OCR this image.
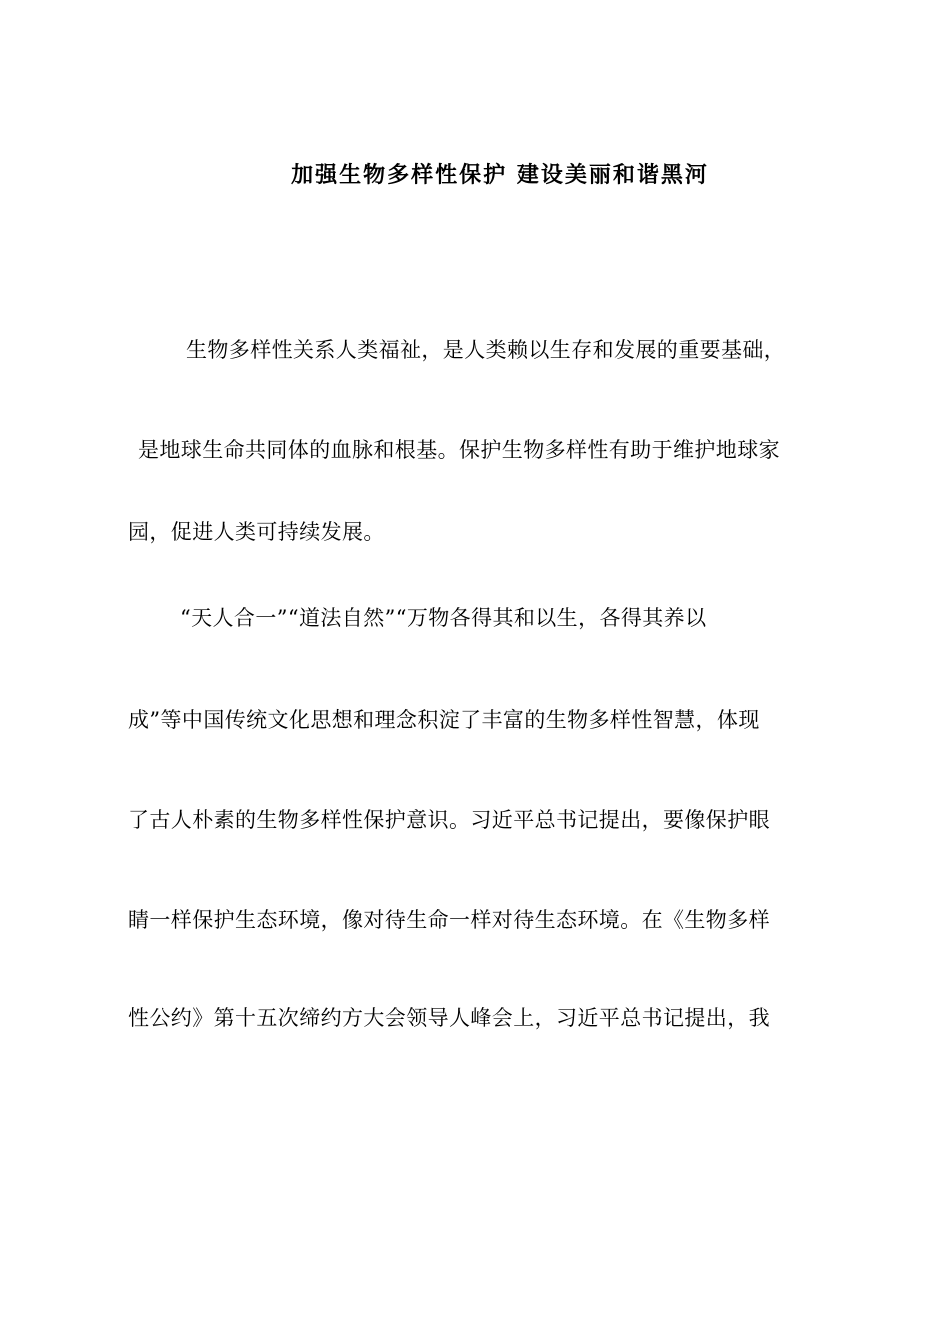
加强生物多样性保护 建设美丽和谐黑河
生物多样性关系人类福祉，是人类赖以生存和发展的重要基础，
是地球生命共同体的血脉和根基。保护生物多样性有助于维护地球家
园，促进人类可持续发展。
“天人合一”“道法自然”“万物各得其和以生，各得其养以
成”等中国传统文化思想和理念积淀了丰富的生物多样性智慧，体现
了古人朴素的生物多样性保护意识。习近平总书记提出，要像保护眼
睛一样保护生态环境，像对待生命一样对待生态环境。在《生物多样
性公约》第十五次缔约方大会领导人峰会上，习近平总书记提出，我
